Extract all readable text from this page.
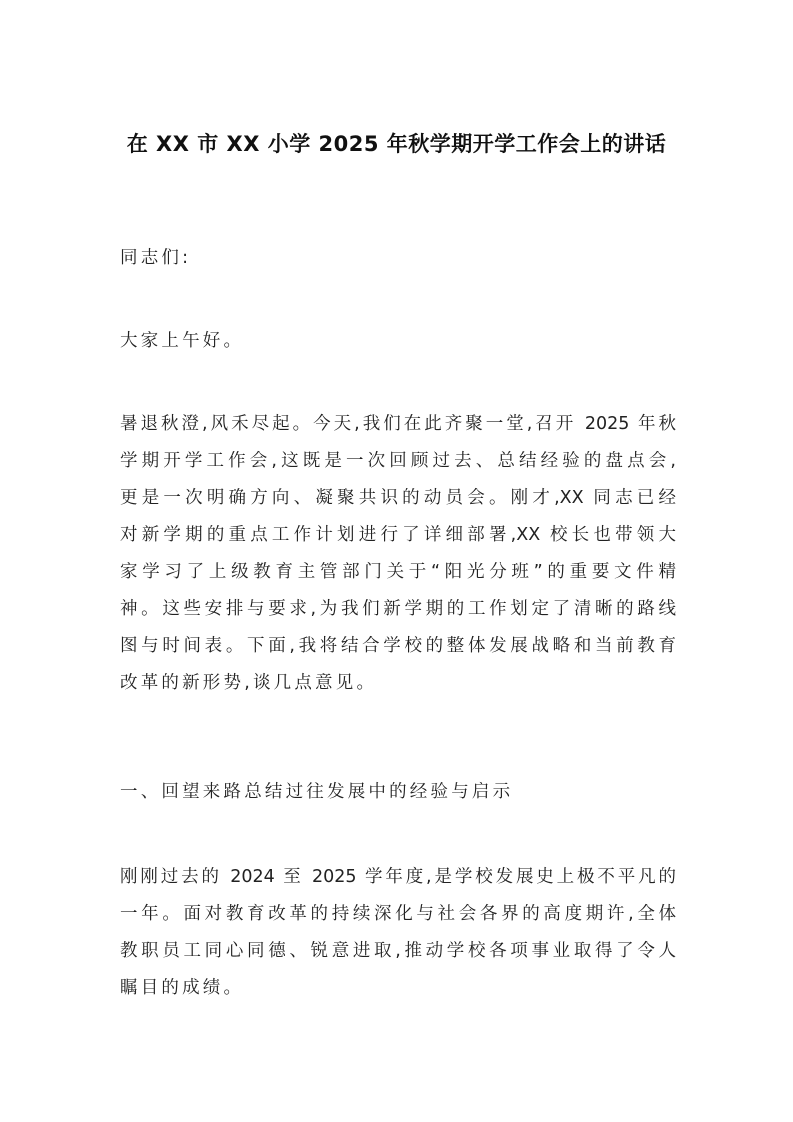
在 XX 市 XX 小学 2025 年秋学期开学工作会上的讲话

同志们:

大家上午好。

暑退秋澄,风禾尽起。今天,我们在此齐聚一堂,召开 2025 年秋

学期开学工作会,这既是一次回顾过去、总结经验的盘点会,

更是一次明确方向、凝聚共识的动员会。刚才,XX 同志已经

对新学期的重点工作计划进行了详细部署,XX 校长也带领大

家学习了上级教育主管部门关于“阳光分班”的重要文件精

神。这些安排与要求,为我们新学期的工作划定了清晰的路线

图与时间表。下面,我将结合学校的整体发展战略和当前教育

改革的新形势,谈几点意见。

一、回望来路总结过往发展中的经验与启示

刚刚过去的 2024 至 2025 学年度,是学校发展史上极不平凡的

一年。面对教育改革的持续深化与社会各界的高度期许,全体

教职员工同心同德、锐意进取,推动学校各项事业取得了令人

瞩目的成绩。
